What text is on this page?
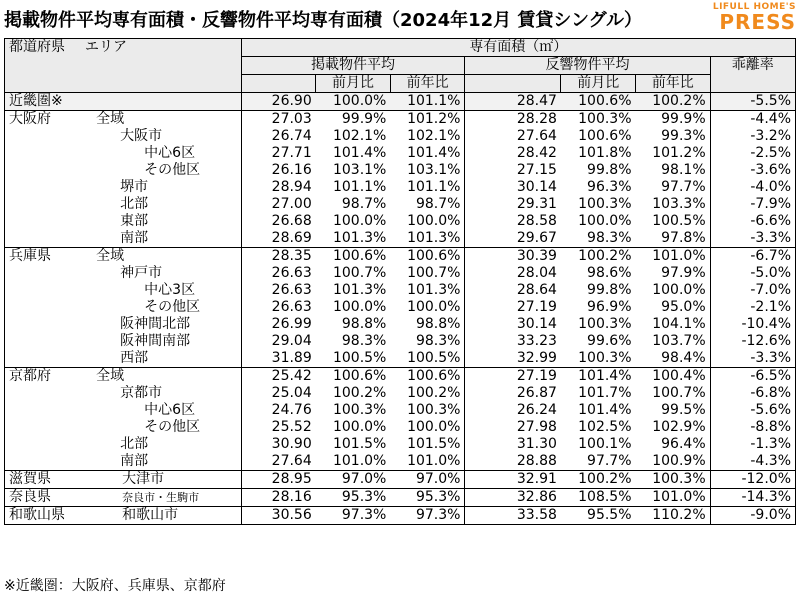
掲載物件平均専有面積・反響物件平均専有面積（2024年12月 賃貸シングル）
LIFULL HOME'S
PRESS
都道府県 エリア		専有面積（㎡）						
		掲載物件平均			反響物件平均			乖離率
			前月比	前年比		前月比	前年比	
近畿圏※		26.90	100.0%	101.1%	28.47	100.6%	100.2%	-5.5%
大阪府	全域	27.03	99.9%	101.2%	28.28	100.3%	99.9%	-4.4%
	大阪市	26.74	102.1%	102.1%	27.64	100.6%	99.3%	-3.2%
	中心6区	27.71	101.4%	101.4%	28.42	101.8%	101.2%	-2.5%
	その他区	26.16	103.1%	103.1%	27.15	99.8%	98.1%	-3.6%
	堺市	28.94	101.1%	101.1%	30.14	96.3%	97.7%	-4.0%
	北部	27.00	98.7%	98.7%	29.31	100.3%	103.3%	-7.9%
	東部	26.68	100.0%	100.0%	28.58	100.0%	100.5%	-6.6%
	南部	28.69	101.3%	101.3%	29.67	98.3%	97.8%	-3.3%
兵庫県	全域	28.35	100.6%	100.6%	30.39	100.2%	101.0%	-6.7%
	神戸市	26.63	100.7%	100.7%	28.04	98.6%	97.9%	-5.0%
	中心3区	26.63	101.3%	101.3%	28.64	99.8%	100.0%	-7.0%
	その他区	26.63	100.0%	100.0%	27.19	96.9%	95.0%	-2.1%
	阪神間北部	26.99	98.8%	98.8%	30.14	100.3%	104.1%	-10.4%
	阪神間南部	29.04	98.3%	98.3%	33.23	99.6%	103.7%	-12.6%
	西部	31.89	100.5%	100.5%	32.99	100.3%	98.4%	-3.3%
京都府	全域	25.42	100.6%	100.6%	27.19	101.4%	100.4%	-6.5%
	京都市	25.04	100.2%	100.2%	26.87	101.7%	100.7%	-6.8%
	中心6区	24.76	100.3%	100.3%	26.24	101.4%	99.5%	-5.6%
	その他区	25.52	100.0%	100.0%	27.98	102.5%	102.9%	-8.8%
	北部	30.90	101.5%	101.5%	31.30	100.1%	96.4%	-1.3%
	南部	27.64	101.0%	101.0%	28.88	97.7%	100.9%	-4.3%
滋賀県	大津市	28.95	97.0%	97.0%	32.91	100.2%	100.3%	-12.0%
奈良県	奈良市・生駒市	28.16	95.3%	95.3%	32.86	108.5%	101.0%	-14.3%
和歌山県	和歌山市	30.56	97.3%	97.3%	33.58	95.5%	110.2%	-9.0%
※近畿圏：大阪府、兵庫県、京都府
